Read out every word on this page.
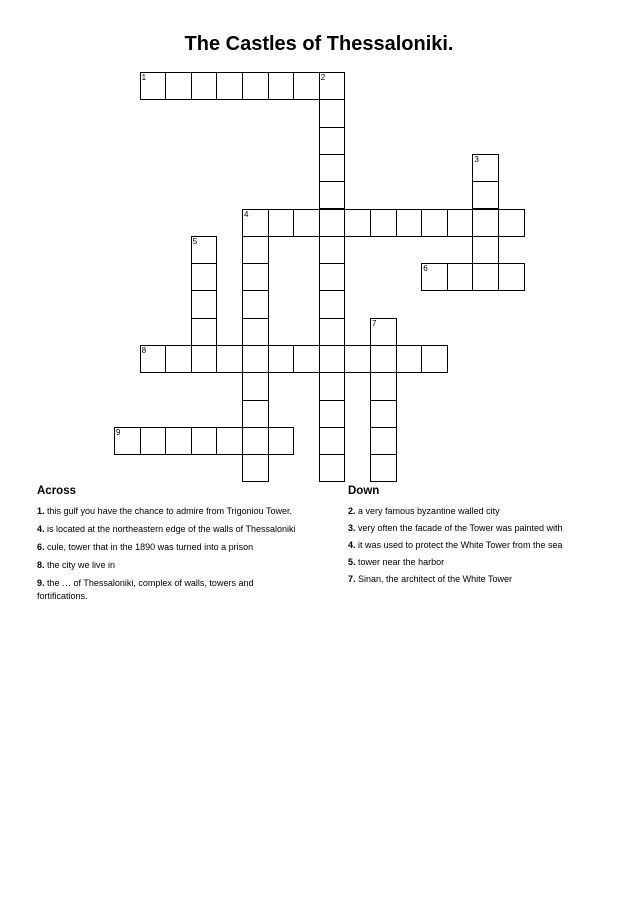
The Castles of Thessaloniki.
1	2
3
4
5
6
7
8
9
Across
1. this gulf you have the chance to admire from Trigoniou Tower.
4. is located at the northeastern edge of the walls of Thessaloniki
6. cule, tower that in the 1890 was turned into a prison
8. the city we live in
9. the … of Thessaloniki, complex of walls, towers and fortifications.
Down
2. a very famous byzantine walled city
3. very often the facade of the Tower was painted with
4. it was used to protect the White Tower from the sea
5. tower near the harbor
7. Sinan, the architect of the White Tower
